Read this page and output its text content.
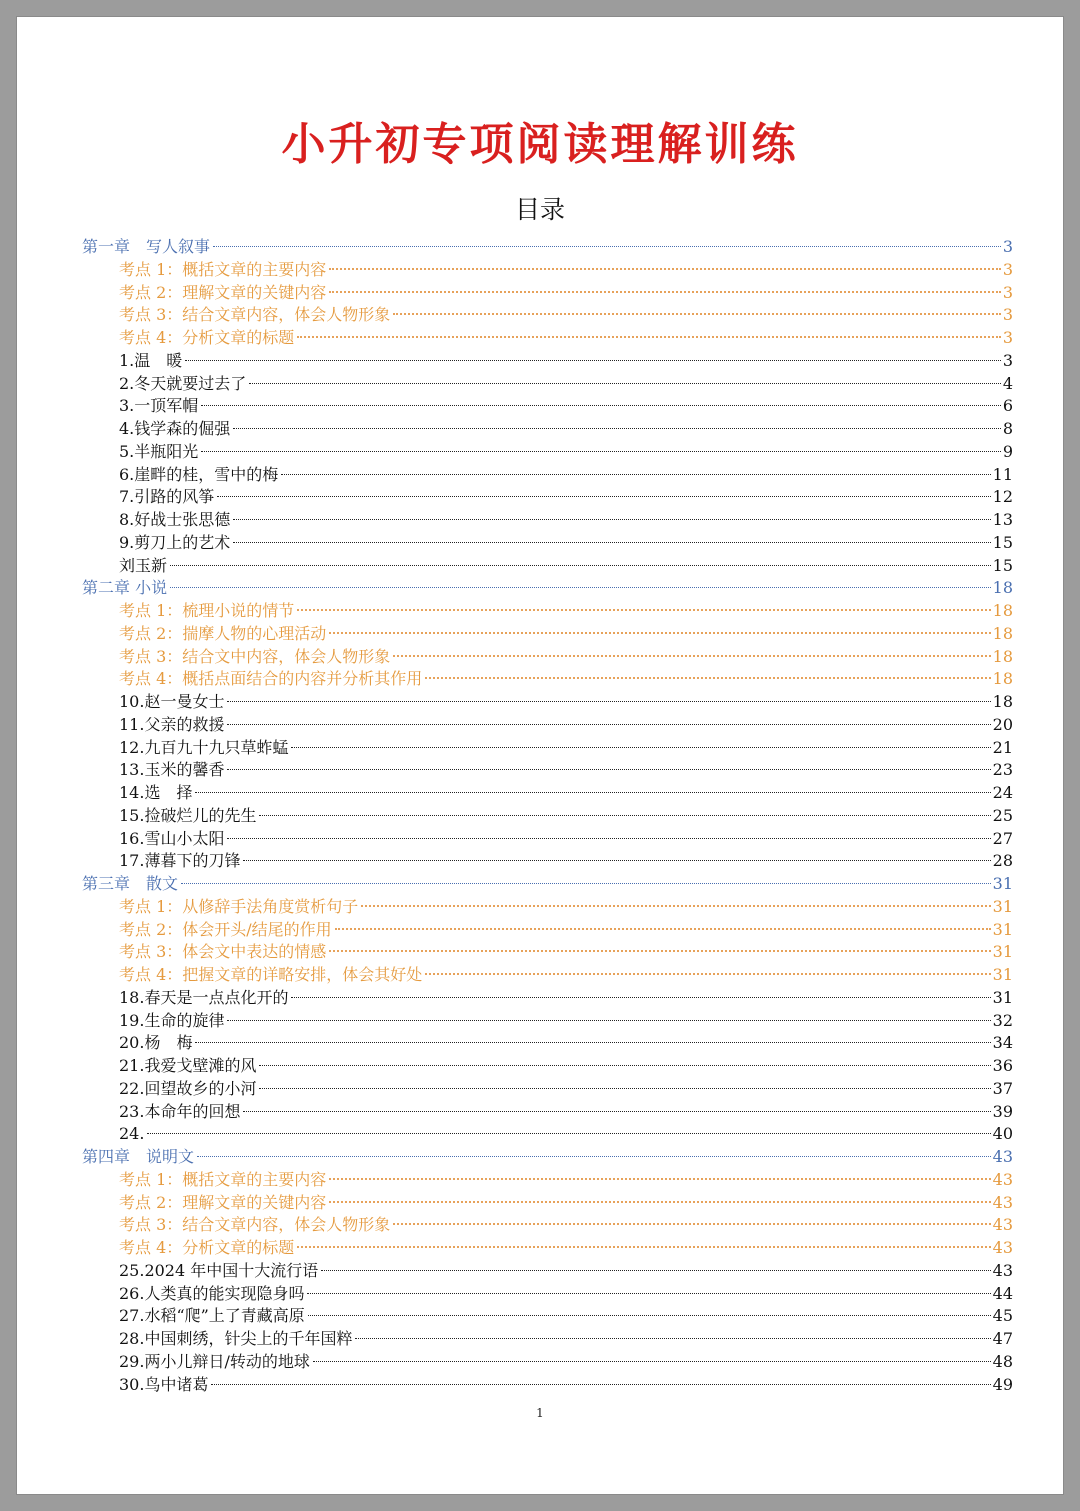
小升初专项阅读理解训练
目录
第一章　写人叙事	3
考点 1：概括文章的主要内容	3
考点 2：理解文章的关键内容	3
考点 3：结合文章内容，体会人物形象	3
考点 4：分析文章的标题	3
1.温　暖	3
2.冬天就要过去了	4
3.一顶军帽	6
4.钱学森的倔强	8
5.半瓶阳光	9
6.崖畔的桂，雪中的梅	11
7.引路的风筝	12
8.好战士张思德	13
9.剪刀上的艺术	15
刘玉新	15
第二章 小说	18
考点 1：梳理小说的情节	18
考点 2：揣摩人物的心理活动	18
考点 3：结合文中内容，体会人物形象	18
考点 4：概括点面结合的内容并分析其作用	18
10.赵一曼女士	18
11.父亲的救援	20
12.九百九十九只草蚱蜢	21
13.玉米的馨香	23
14.选　择	24
15.捡破烂儿的先生	25
16.雪山小太阳	27
17.薄暮下的刀锋	28
第三章　散文	31
考点 1：从修辞手法角度赏析句子	31
考点 2：体会开头/结尾的作用	31
考点 3：体会文中表达的情感	31
考点 4：把握文章的详略安排，体会其好处	31
18.春天是一点点化开的	31
19.生命的旋律	32
20.杨　梅	34
21.我爱戈壁滩的风	36
22.回望故乡的小河	37
23.本命年的回想	39
24.	40
第四章　说明文	43
考点 1：概括文章的主要内容	43
考点 2：理解文章的关键内容	43
考点 3：结合文章内容，体会人物形象	43
考点 4：分析文章的标题	43
25.2024 年中国十大流行语	43
26.人类真的能实现隐身吗	44
27.水稻“爬”上了青藏高原	45
28.中国刺绣，针尖上的千年国粹	47
29.两小儿辩日/转动的地球	48
30.鸟中诸葛	49
1
